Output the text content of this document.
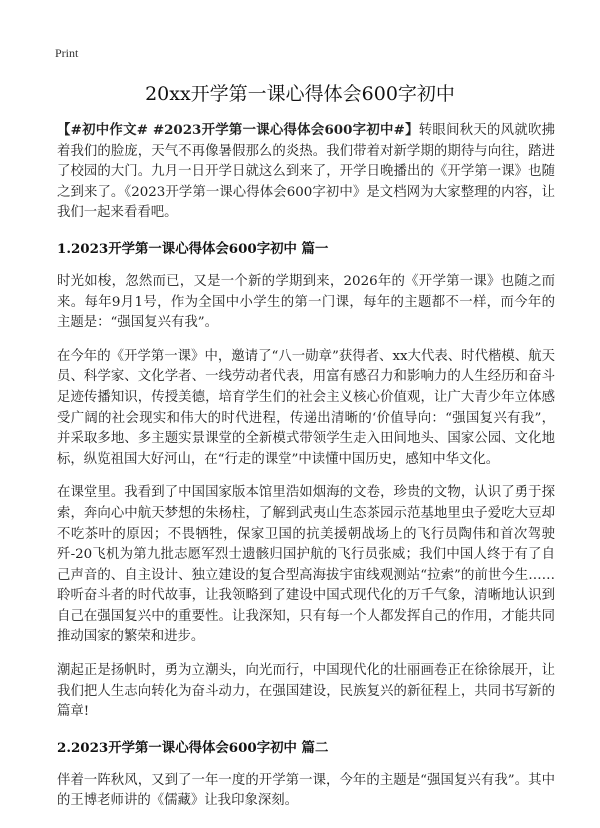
Print
20xx开学第一课心得体会600字初中

【#初中作文# #2023开学第一课心得体会600字初中#】转眼间秋天的风就吹拂着我们的脸庞，天气不再像暑假那么的炎热。我们带着对新学期的期待与向往，踏进了校园的大门。九月一日开学日就这么到来了，开学日晚播出的《开学第一课》也随之到来了。《2023开学第一课心得体会600字初中》是文档网为大家整理的内容，让我们一起来看看吧。

1.2023开学第一课心得体会600字初中 篇一

时光如梭，忽然而已，又是一个新的学期到来，2026年的《开学第一课》也随之而来。每年9月1号，作为全国中小学生的第一门课，每年的主题都不一样，而今年的主题是：“强国复兴有我”。

在今年的《开学第一课》中，邀请了“八一勋章”获得者、xx大代表、时代楷模、航天员、科学家、文化学者、一线劳动者代表，用富有感召力和影响力的人生经历和奋斗足迹传播知识，传授美德，培育学生们的社会主义核心价值观，让广大青少年立体感受广阔的社会现实和伟大的时代进程，传递出清晰的‘价值导向：“强国复兴有我”，并采取多地、多主题实景课堂的全新模式带领学生走入田间地头、国家公园、文化地标，纵览祖国大好河山，在“行走的课堂”中读懂中国历史，感知中华文化。

在课堂里。我看到了中国国家版本馆里浩如烟海的文卷，珍贵的文物，认识了勇于探索，奔向心中航天梦想的朱杨柱，了解到武夷山生态茶园示范基地里虫子爱吃大豆却不吃茶叶的原因；不畏牺牲，保家卫国的抗美援朝战场上的飞行员陶伟和首次驾驶歼-20飞机为第九批志愿军烈士遗骸归国护航的飞行员张威；我们中国人终于有了自己声音的、自主设计、独立建设的复合型高海拔宇宙线观测站“拉索”的前世今生……聆听奋斗者的时代故事，让我领略到了建设中国式现代化的万千气象，清晰地认识到自己在强国复兴中的重要性。让我深知，只有每一个人都发挥自己的作用，才能共同推动国家的繁荣和进步。

潮起正是扬帆时，勇为立潮头，向光而行，中国现代化的壮丽画卷正在徐徐展开，让我们把人生志向转化为奋斗动力，在强国建设，民族复兴的新征程上，共同书写新的篇章!

2.2023开学第一课心得体会600字初中 篇二

伴着一阵秋风，又到了一年一度的开学第一课，今年的主题是“强国复兴有我”。其中的王博老师讲的《儒藏》让我印象深刻。
